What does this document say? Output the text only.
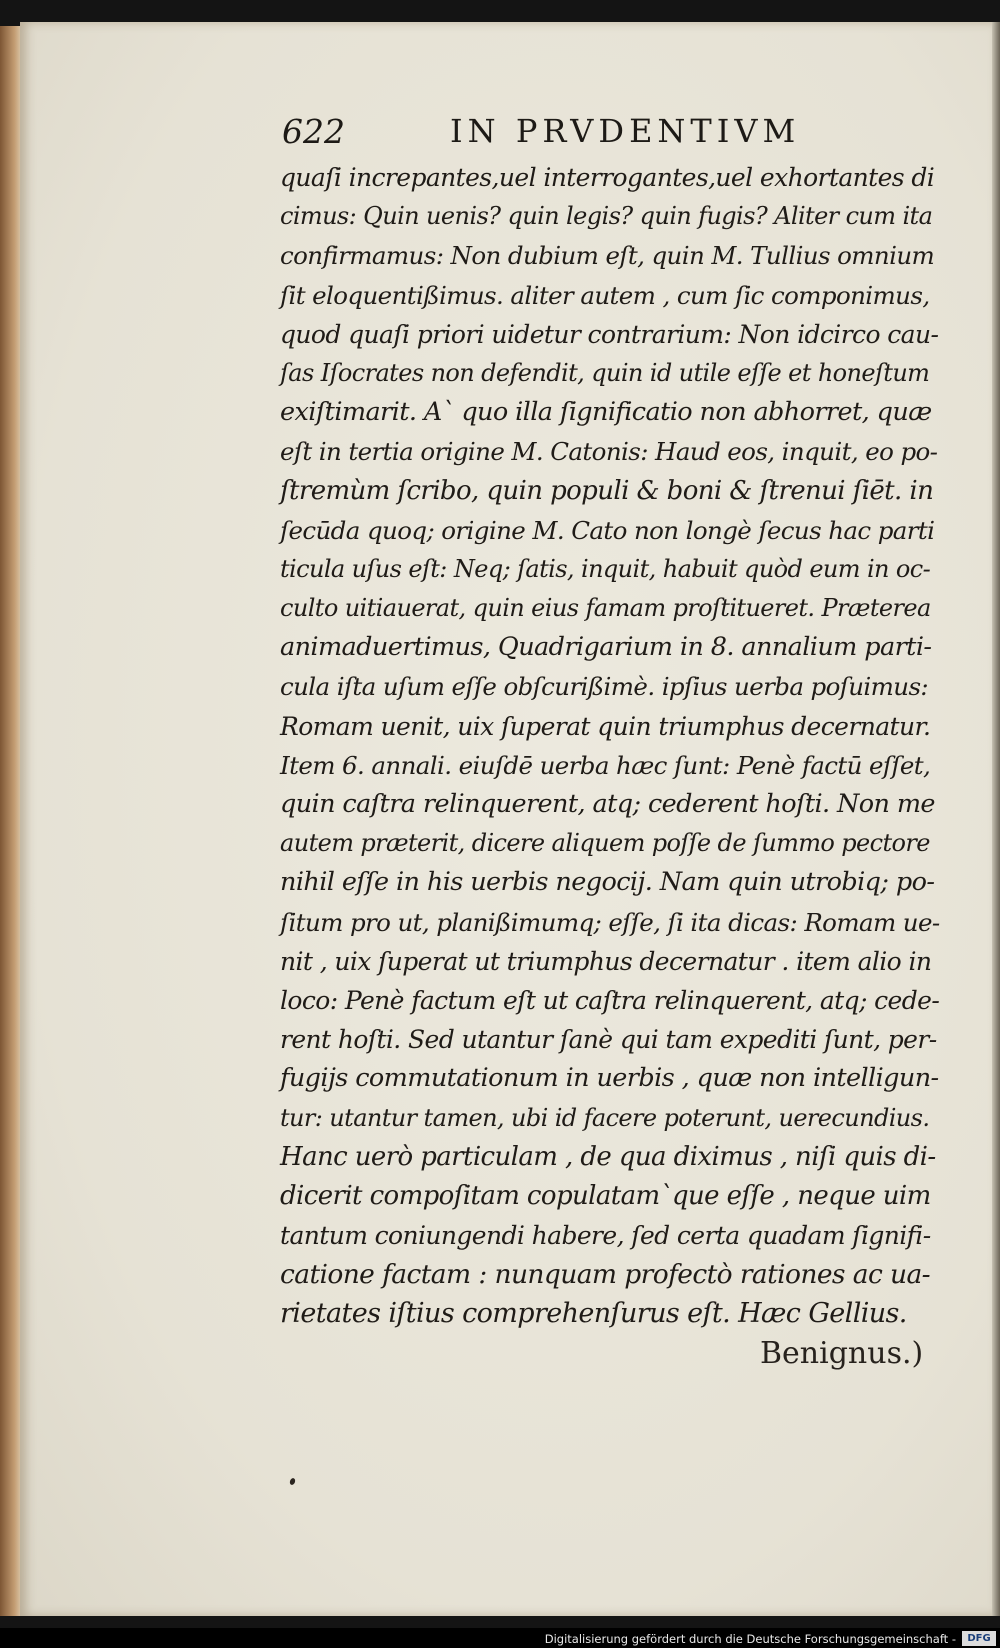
622	IN PRVDENTIVM
quaſi increpantes,uel interrogantes,uel exhortantes di
cimus: Quin uenis? quin legis? quin fugis? Aliter cum ita
confirmamus: Non dubium eſt, quin M. Tullius omnium
ſit eloquentißimus. aliter autem , cum ſic componimus,
quod quaſi priori uidetur contrarium: Non idcirco cau-
ſas Iſocrates non defendit, quin id utile eſſe et honeſtum
exiſtimarit. A` quo illa ſignificatio non abhorret, quæ
eſt in tertia origine M. Catonis: Haud eos, inquit, eo po-
ſtremùm ſcribo, quin populi & boni & ſtrenui ſiēt. in
ſecūda quoq; origine M. Cato non longè ſecus hac parti
ticula uſus eſt: Neq; ſatis, inquit, habuit quòd eum in oc-
culto uitiauerat, quin eius famam proſtitueret. Præterea
animaduertimus, Quadrigarium in 8. annalium parti-
cula iſta uſum eſſe obſcurißimè. ipſius uerba poſuimus:
Romam uenit, uix ſuperat quin triumphus decernatur.
Item 6. annali. eiuſdē uerba hæc ſunt: Penè factū eſſet,
quin caſtra relinquerent, atq; cederent hoſti. Non me
autem præterit, dicere aliquem poſſe de ſummo pectore
nihil eſſe in his uerbis negocij. Nam quin utrobiq; po-
ſitum pro ut, planißimumq; eſſe, ſi ita dicas: Romam ue-
nit , uix ſuperat ut triumphus decernatur . item alio in
loco: Penè factum eſt ut caſtra relinquerent, atq; cede-
rent hoſti. Sed utantur ſanè qui tam expediti ſunt, per-
fugijs commutationum in uerbis , quæ non intelligun-
tur: utantur tamen, ubi id facere poterunt, uerecundius.
Hanc uerò particulam , de qua diximus , niſi quis di-
dicerit compoſitam copulatam`que eſſe , neque uim
tantum coniungendi habere, ſed certa quadam ſignifi-
catione factam : nunquam profectò rationes ac ua-
rietates iſtius comprehenſurus eſt. Hæc Gellius.
Benignus.)
Digitalisierung gefördert durch die Deutsche Forschungsgemeinschaft -	DFG
